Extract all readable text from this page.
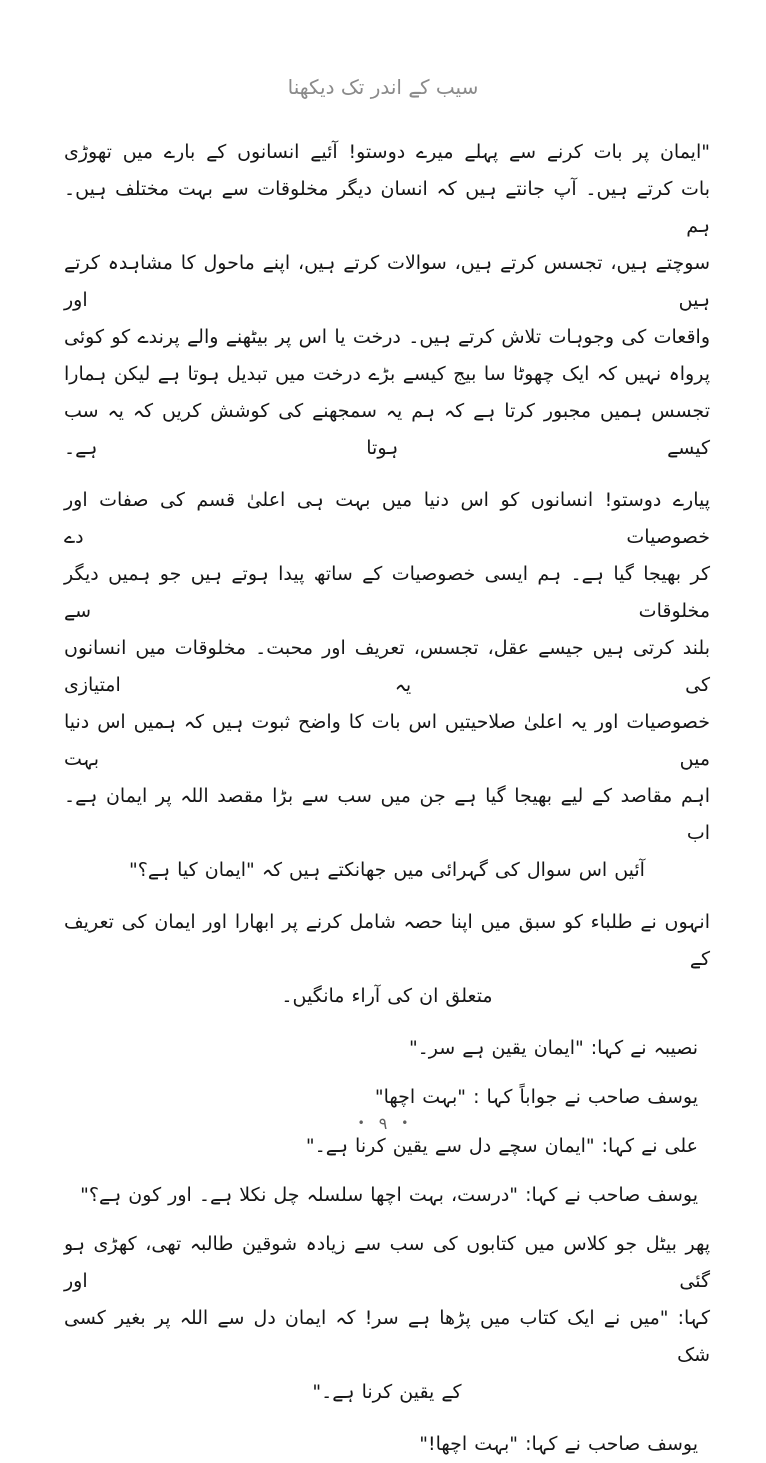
سیب کے اندر تک دیکھنا
"ایمان پر بات کرنے سے پہلے میرے دوستو! آئیے انسانوں کے بارے میں تھوڑی
بات کرتے ہیں۔ آپ جانتے ہیں کہ انسان دیگر مخلوقات سے بہت مختلف ہیں۔ ہم
سوچتے ہیں، تجسس کرتے ہیں، سوالات کرتے ہیں، اپنے ماحول کا مشاہدہ کرتے ہیں اور
واقعات کی وجوہات تلاش کرتے ہیں۔ درخت یا اس پر بیٹھنے والے پرندے کو کوئی
پرواہ نہیں کہ ایک چھوٹا سا بیج کیسے بڑے درخت میں تبدیل ہوتا ہے لیکن ہمارا
تجسس ہمیں مجبور کرتا ہے کہ ہم یہ سمجھنے کی کوشش کریں کہ یہ سب کیسے ہوتا ہے۔
پیارے دوستو! انسانوں کو اس دنیا میں بہت ہی اعلیٰ قسم کی صفات اور خصوصیات دے
کر بھیجا گیا ہے۔ ہم ایسی خصوصیات کے ساتھ پیدا ہوتے ہیں جو ہمیں دیگر مخلوقات سے
بلند کرتی ہیں جیسے عقل، تجسس، تعریف اور محبت۔ مخلوقات میں انسانوں کی یہ امتیازی
خصوصیات اور یہ اعلیٰ صلاحیتیں اس بات کا واضح ثبوت ہیں کہ ہمیں اس دنیا میں بہت
اہم مقاصد کے لیے بھیجا گیا ہے جن میں سب سے بڑا مقصد اللہ پر ایمان ہے۔ اب
آئیں اس سوال کی گہرائی میں جھانکتے ہیں کہ "ایمان کیا ہے؟"
انہوں نے طلباء کو سبق میں اپنا حصہ شامل کرنے پر ابھارا اور ایمان کی تعریف کے
متعلق ان کی آراء مانگیں۔
نصیبہ نے کہا: "ایمان یقین ہے سر۔"
یوسف صاحب نے جواباً کہا : "بہت اچھا"
علی نے کہا: "ایمان سچے دل سے یقین کرنا ہے۔"
یوسف صاحب نے کہا: "درست، بہت اچھا سلسلہ چل نکلا ہے۔ اور کون ہے؟"
پھر بیٹل جو کلاس میں کتابوں کی سب سے زیادہ شوقین طالبہ تھی، کھڑی ہو گئی اور
کہا: "میں نے ایک کتاب میں پڑھا ہے سر! کہ ایمان دل سے اللہ پر بغیر کسی شک
کے یقین کرنا ہے۔"
یوسف صاحب نے کہا: "بہت اچھا!"
• ٩ •
